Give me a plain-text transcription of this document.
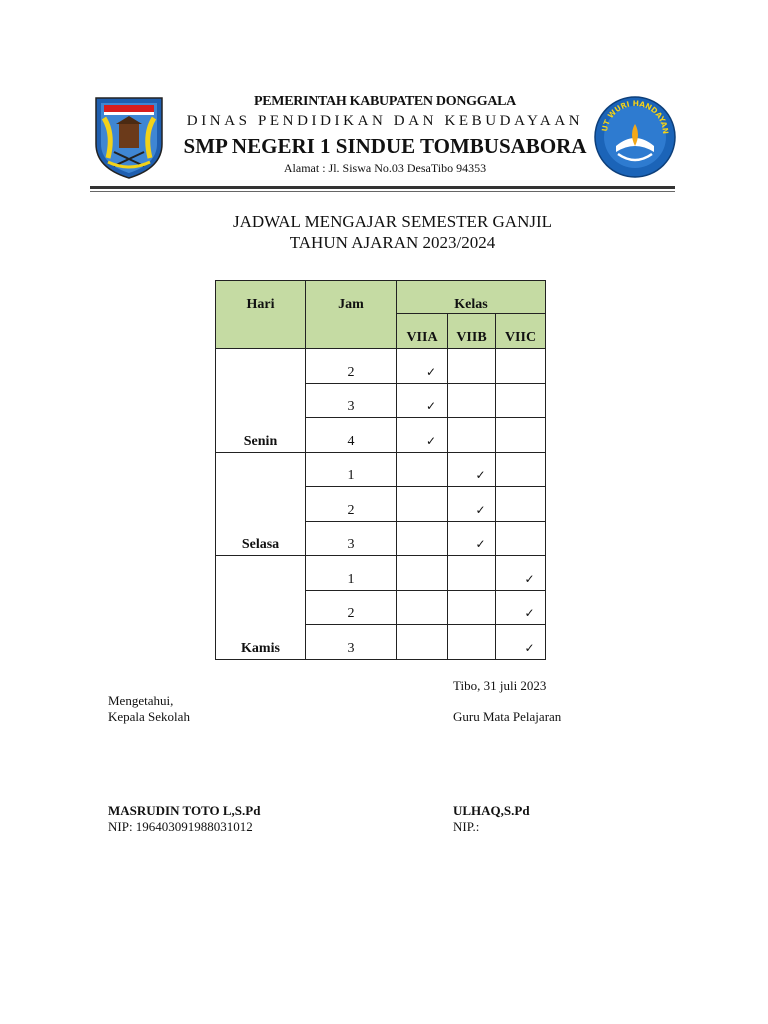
UT WURI HANDAYAN
PEMERINTAH KABUPATEN DONGGALA
DINAS PENDIDIKAN DAN KEBUDAYAAN
SMP NEGERI 1 SINDUE TOMBUSABORA
Alamat : Jl. Siswa No.03 DesaTibo 94353
JADWAL MENGAJAR SEMESTER GANJIL
TAHUN AJARAN 2023/2024
Hari	Jam	Kelas		
		VIIA	VIIB	VIIC
Senin	2	✓		
	3	✓		
	4	✓		
Selasa	1		✓	
	2		✓	
	3		✓	
Kamis	1			✓
	2			✓
	3			✓
Tibo, 31 juli 2023
Mengetahui,
Kepala Sekolah	Guru Mata Pelajaran
MASRUDIN TOTO L,S.Pd
NIP: 196403091988031012
ULHAQ,S.Pd
NIP.:
